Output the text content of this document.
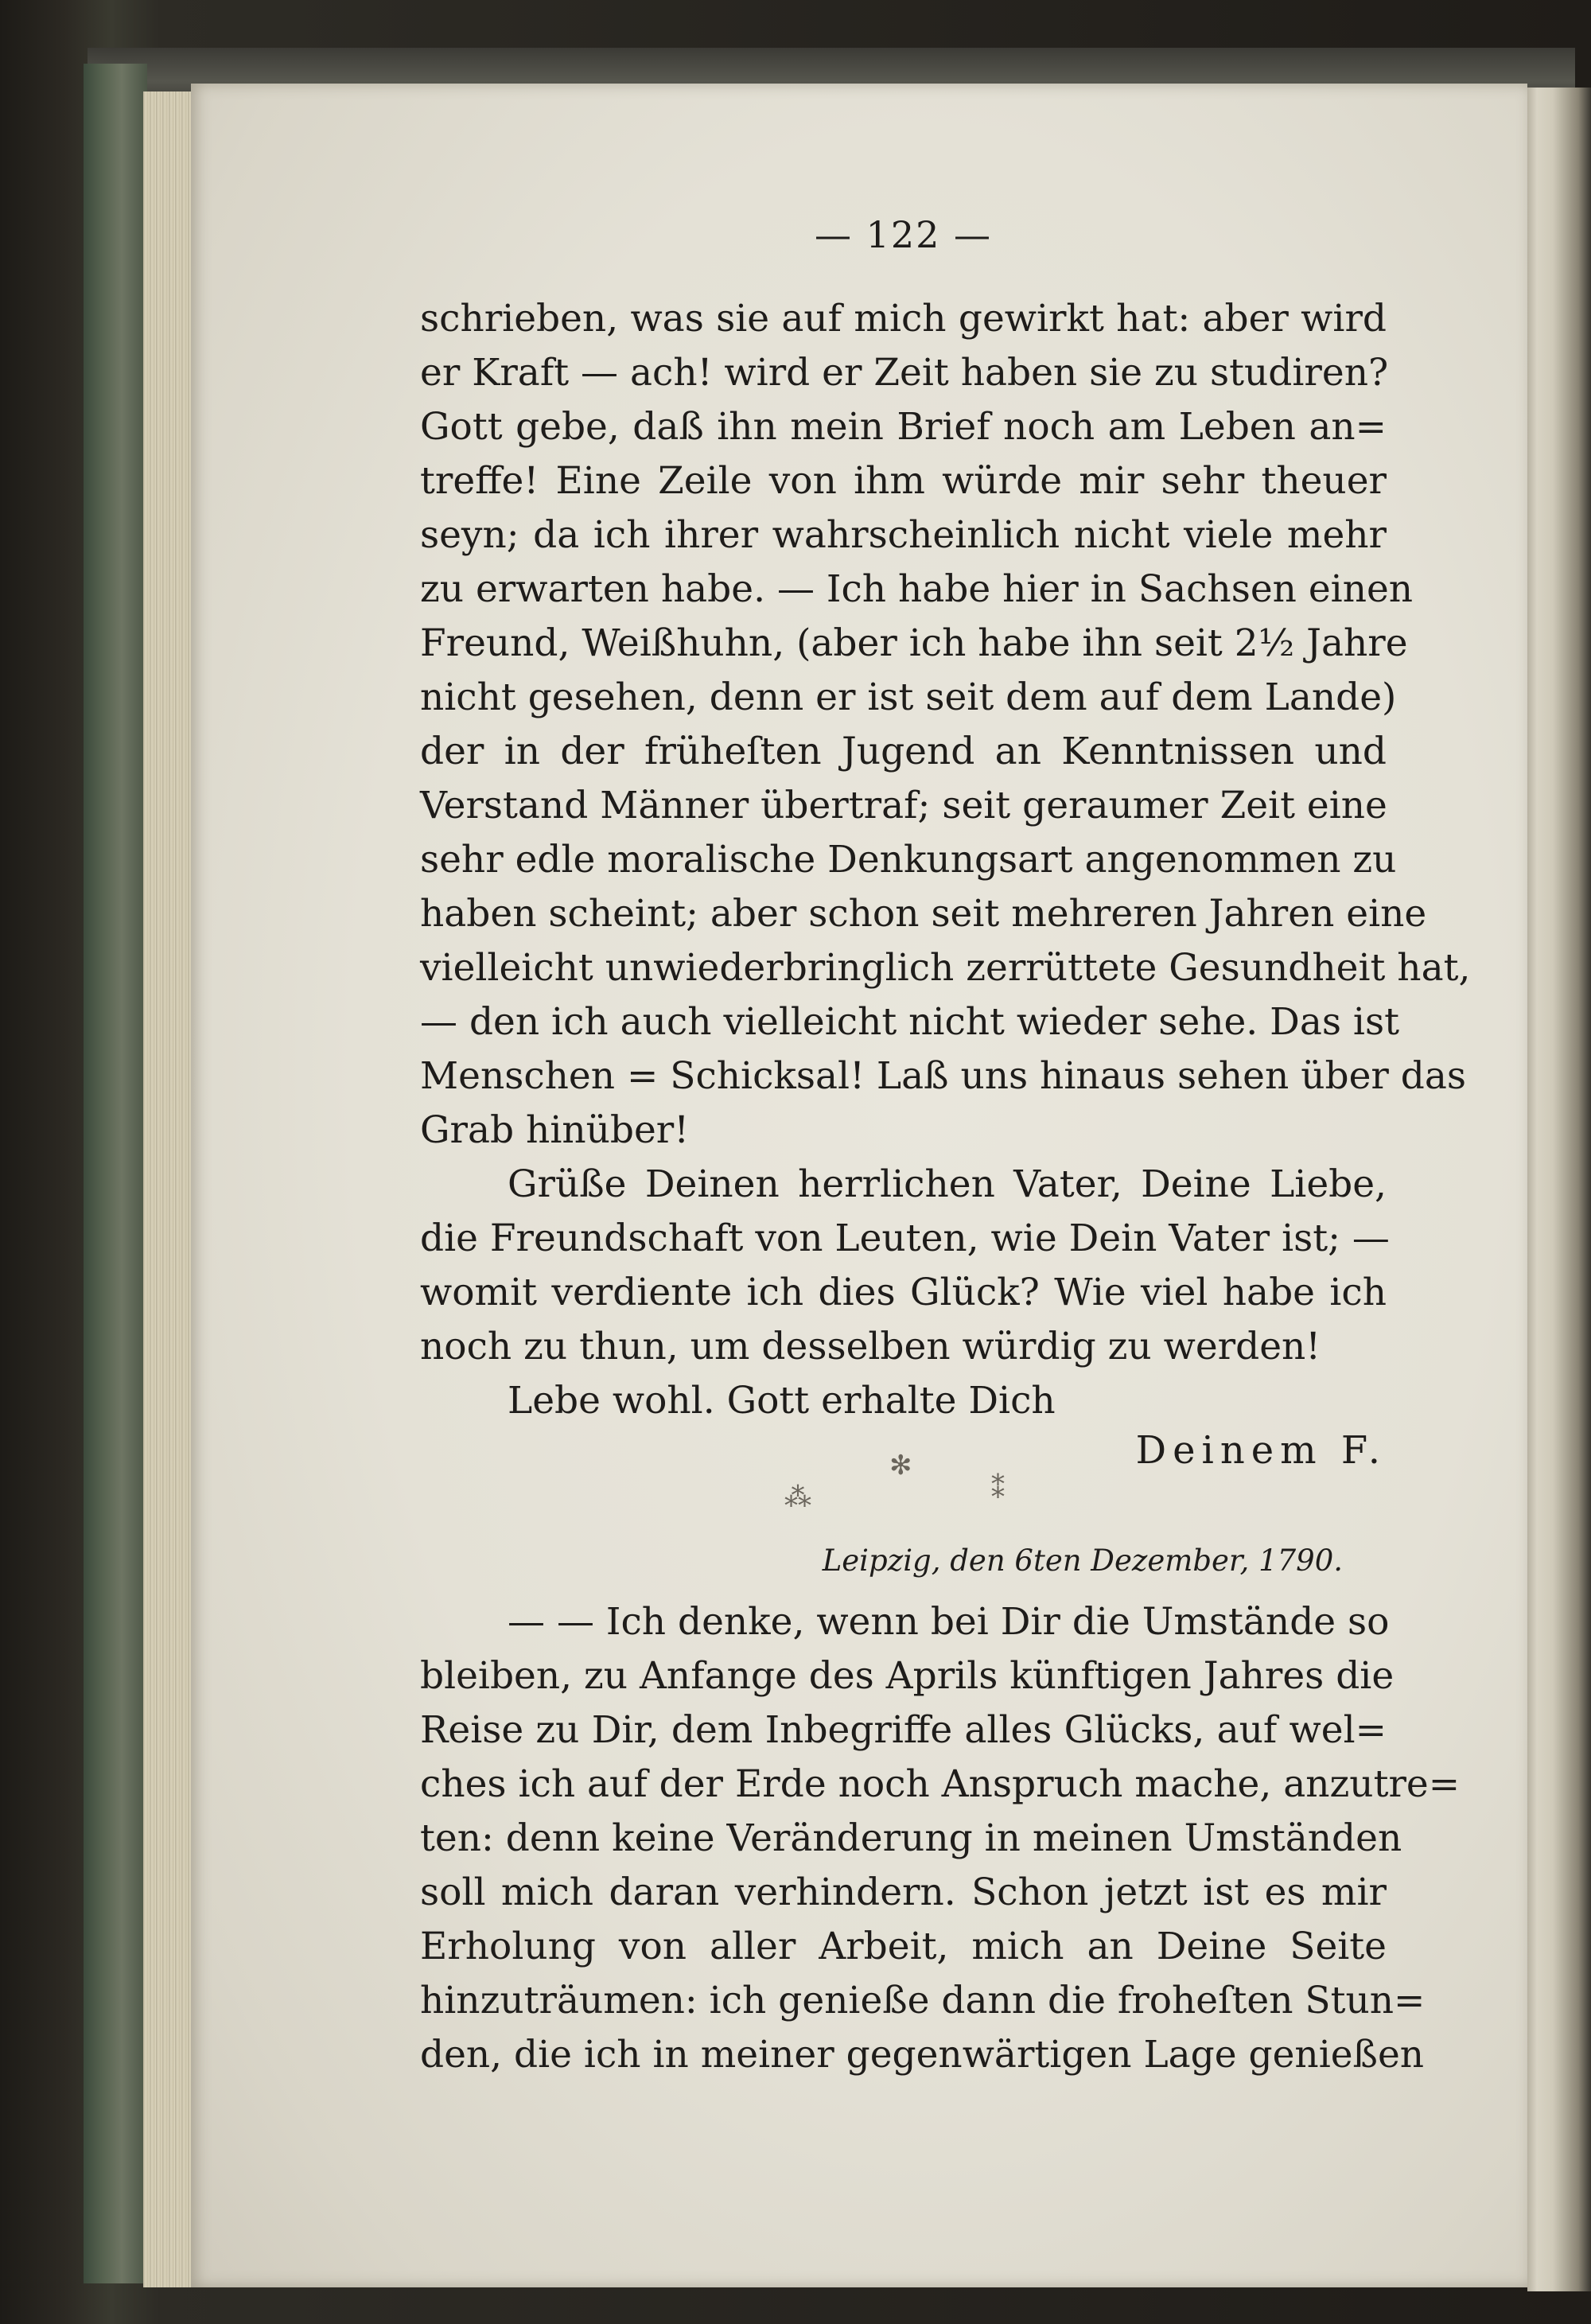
— 122 —
schrieben, was sie auf mich gewirkt hat: aber wird
er Kraft — ach! wird er Zeit haben sie zu studiren?
Gott gebe, daß ihn mein Brief noch am Leben an=
treffe! Eine Zeile von ihm würde mir sehr theuer
seyn; da ich ihrer wahrscheinlich nicht viele mehr
zu erwarten habe. — Ich habe hier in Sachsen einen
Freund, Weißhuhn, (aber ich habe ihn seit 2½ Jahre
nicht gesehen, denn er ist seit dem auf dem Lande)
der in der früheſten Jugend an Kenntnissen und
Verstand Männer übertraf; seit geraumer Zeit eine
sehr edle moralische Denkungsart angenommen zu
haben scheint; aber schon seit mehreren Jahren eine
vielleicht unwiederbringlich zerrüttete Gesundheit hat,
— den ich auch vielleicht nicht wieder sehe. Das ist
Menschen = Schicksal! Laß uns hinaus sehen über das
Grab hinüber!
Grüße Deinen herrlichen Vater, Deine Liebe,
die Freundschaft von Leuten, wie Dein Vater ist; —
womit verdiente ich dies Glück? Wie viel habe ich
noch zu thun, um desselben würdig zu werden!
Lebe wohl. Gott erhalte Dich
Deinem F.
⁂
✻
⁑
Leipzig, den 6ten Dezember, 1790.
— — Ich denke, wenn bei Dir die Umstände so
bleiben, zu Anfange des Aprils künftigen Jahres die
Reise zu Dir, dem Inbegriffe alles Glücks, auf wel=
ches ich auf der Erde noch Anspruch mache, anzutre=
ten: denn keine Veränderung in meinen Umständen
soll mich daran verhindern. Schon jetzt ist es mir
Erholung von aller Arbeit, mich an Deine Seite
hinzuträumen: ich genieße dann die froheſten Stun=
den, die ich in meiner gegenwärtigen Lage genießen
